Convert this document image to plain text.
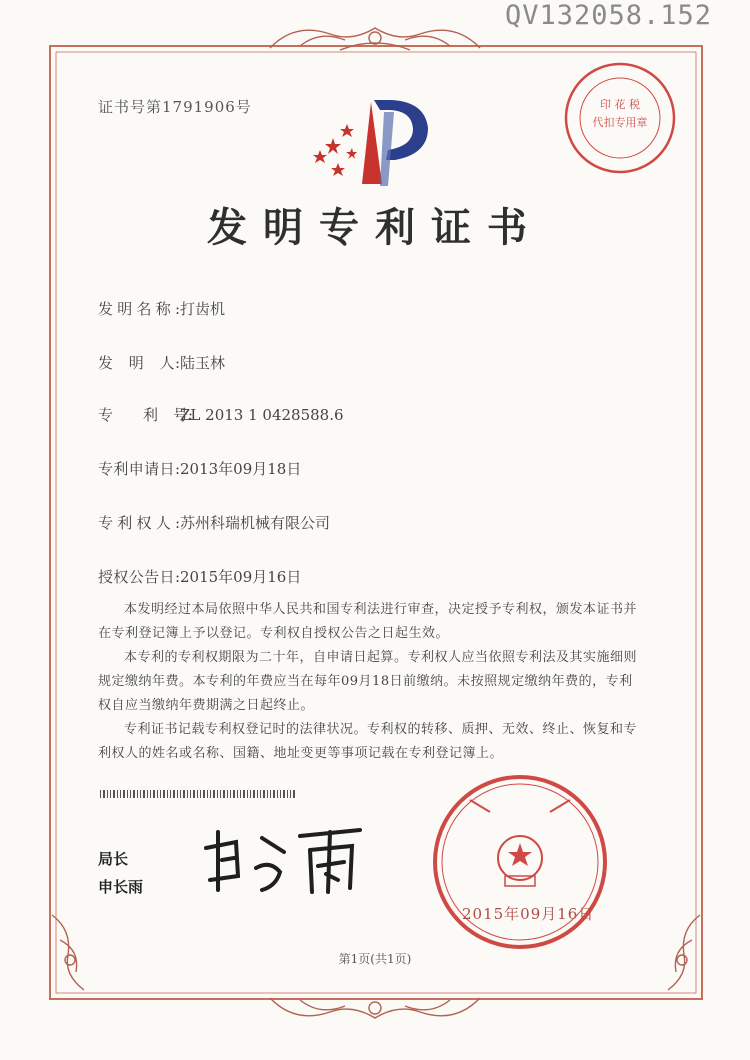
印 花 税
代扣专用章
QV132058.152
证书号第1791906号
发明专利证书
发明名称:打齿机
发　明　人:陆玉林
专　　利　号:ZL 2013 1 0428588.6
专利申请日:2013年09月18日
专利权人:苏州科瑞机械有限公司
授权公告日:2015年09月16日

本发明经过本局依照中华人民共和国专利法进行审查，决定授予专利权，颁发本证书并在专利登记簿上予以登记。专利权自授权公告之日起生效。

本专利的专利权期限为二十年，自申请日起算。专利权人应当依照专利法及其实施细则规定缴纳年费。本专利的年费应当在每年09月18日前缴纳。未按照规定缴纳年费的，专利权自应当缴纳年费期满之日起终止。

专利证书记载专利权登记时的法律状况。专利权的转移、质押、无效、终止、恢复和专利权人的姓名或名称、国籍、地址变更等事项记载在专利登记簿上。

局长
申长雨
2015年09月16日
第1页(共1页)
